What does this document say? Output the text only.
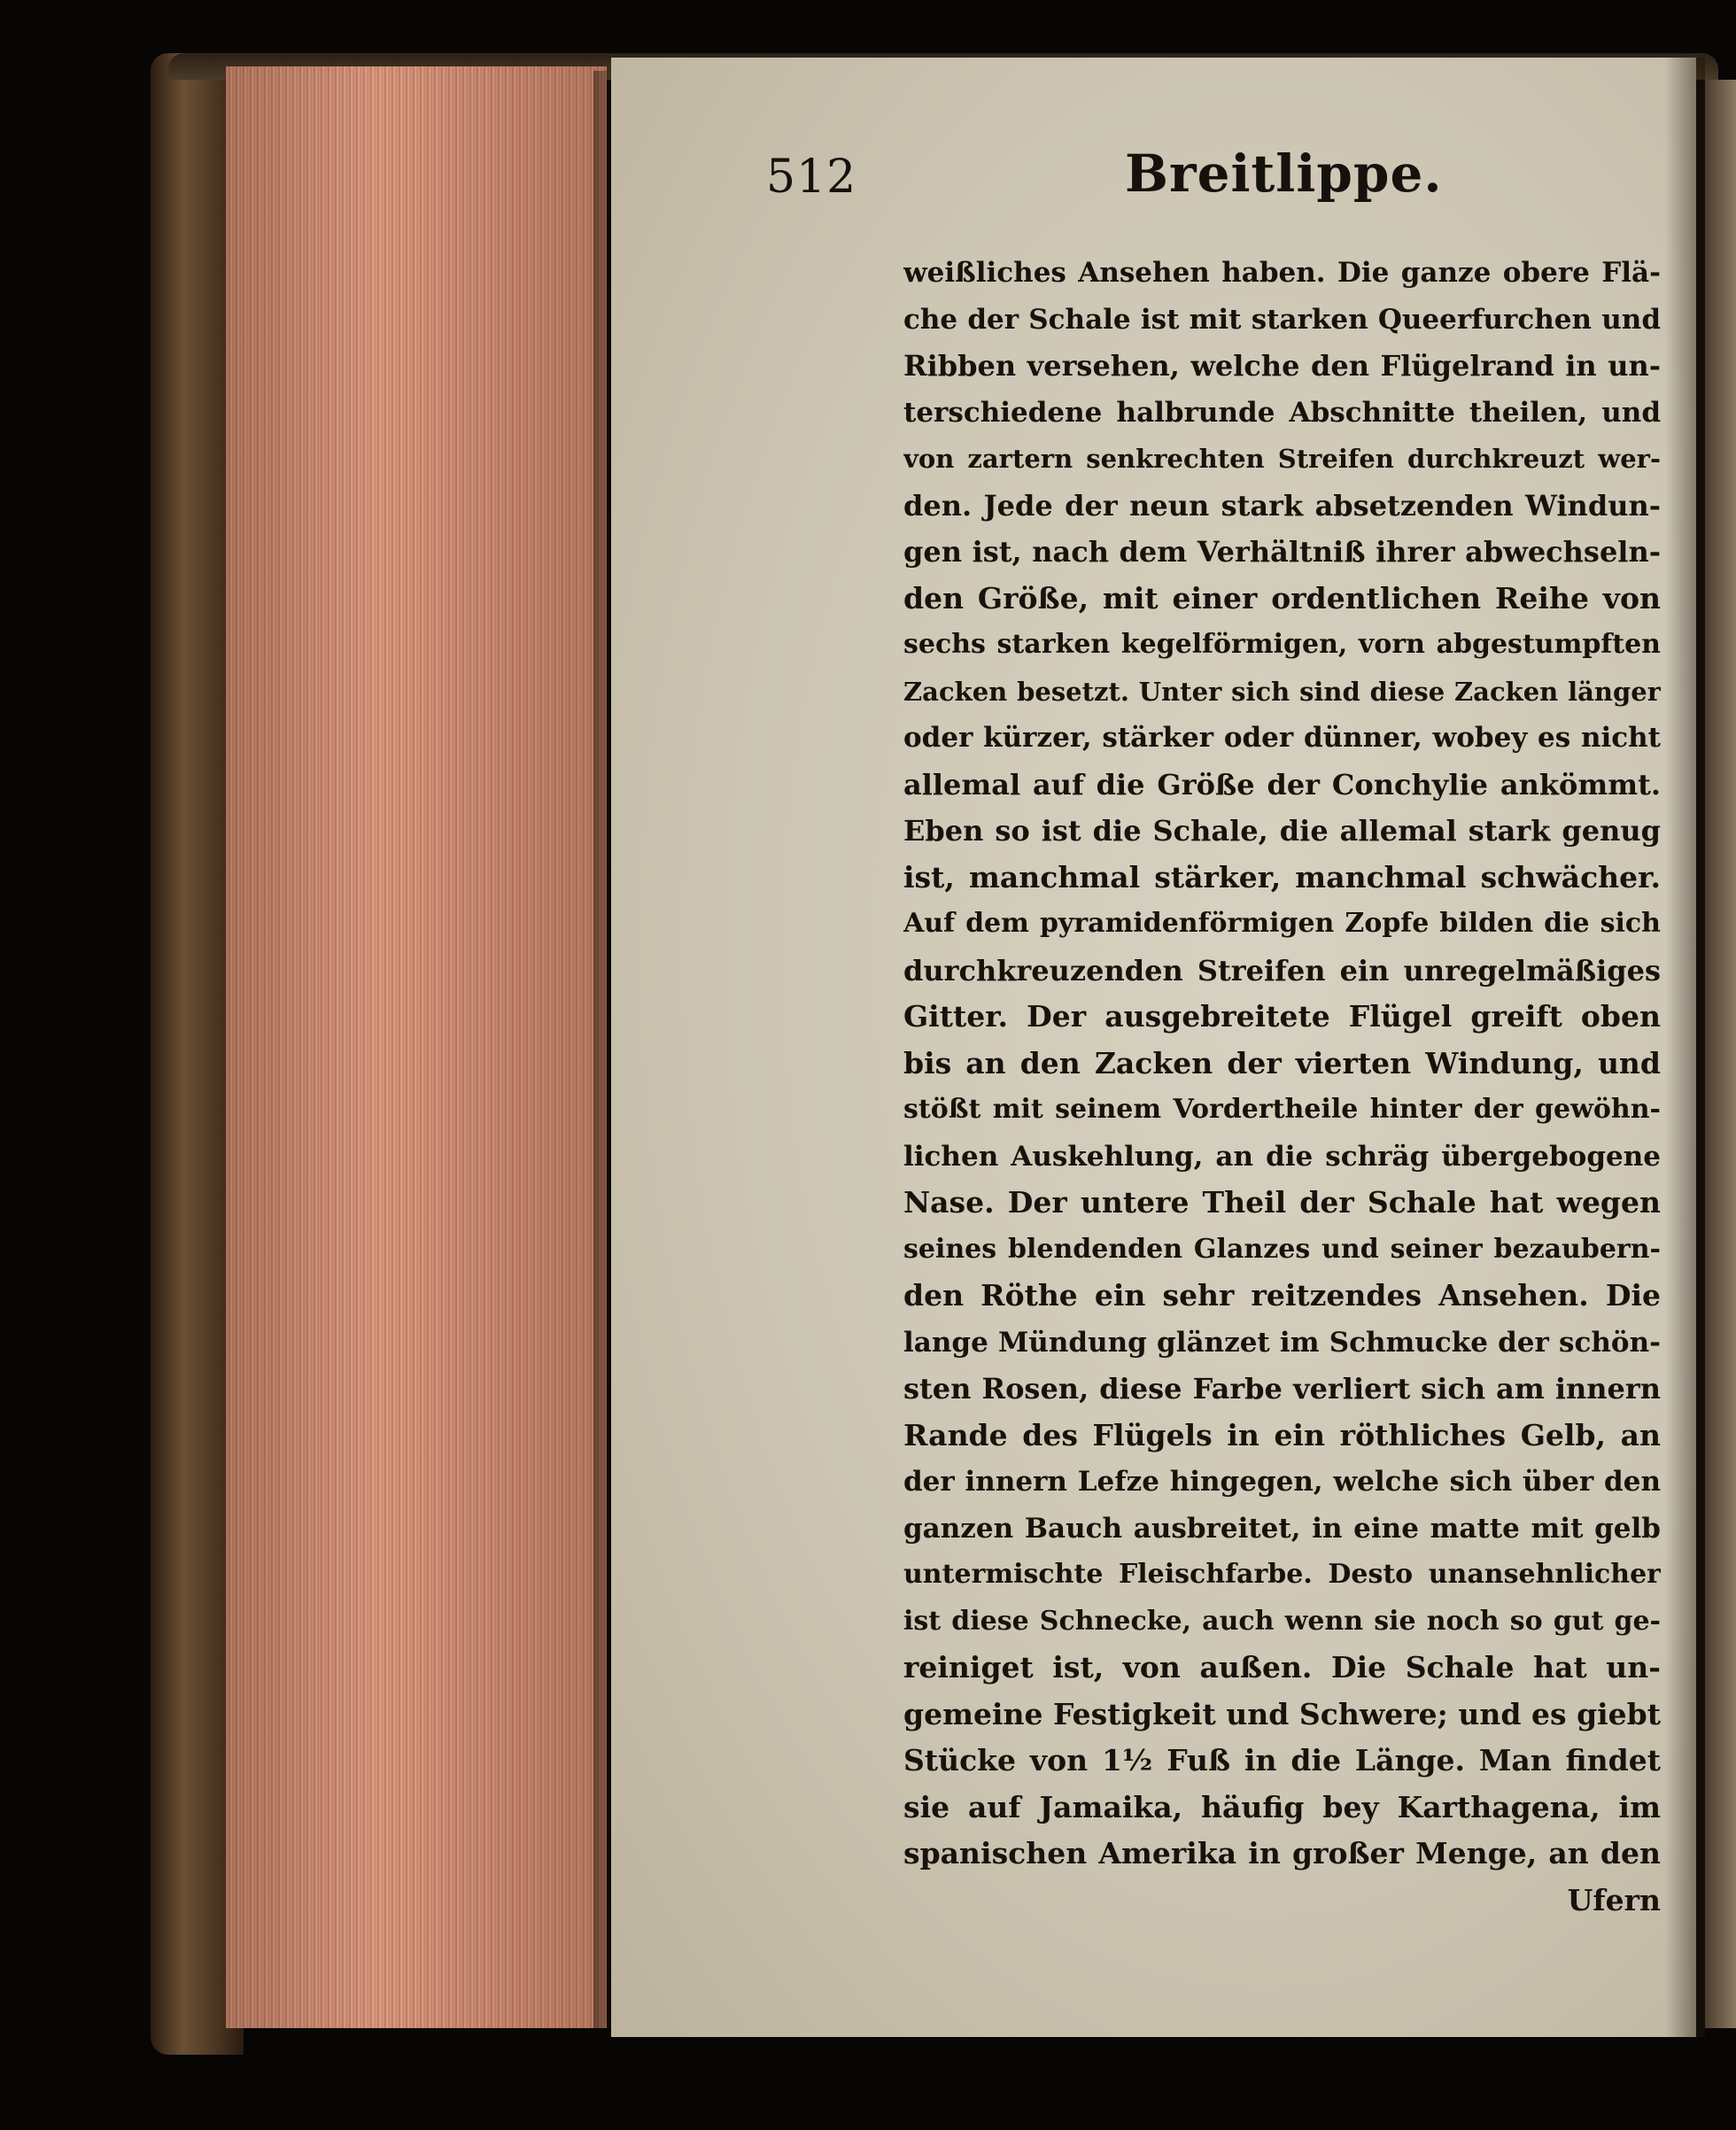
512	Breitlippe.
weißliches Ansehen haben. Die ganze obere Flä-
che der Schale ist mit starken Queerfurchen und
Ribben versehen, welche den Flügelrand in un-
terschiedene halbrunde Abschnitte theilen, und
von zartern senkrechten Streifen durchkreuzt wer-
den. Jede der neun stark absetzenden Windun-
gen ist, nach dem Verhältniß ihrer abwechseln-
den Größe, mit einer ordentlichen Reihe von
sechs starken kegelförmigen, vorn abgestumpften
Zacken besetzt. Unter sich sind diese Zacken länger
oder kürzer, stärker oder dünner, wobey es nicht
allemal auf die Größe der Conchylie ankömmt.
Eben so ist die Schale, die allemal stark genug
ist, manchmal stärker, manchmal schwächer.
Auf dem pyramidenförmigen Zopfe bilden die sich
durchkreuzenden Streifen ein unregelmäßiges
Gitter. Der ausgebreitete Flügel greift oben
bis an den Zacken der vierten Windung, und
stößt mit seinem Vordertheile hinter der gewöhn-
lichen Auskehlung, an die schräg übergebogene
Nase. Der untere Theil der Schale hat wegen
seines blendenden Glanzes und seiner bezaubern-
den Röthe ein sehr reitzendes Ansehen. Die
lange Mündung glänzet im Schmucke der schön-
sten Rosen, diese Farbe verliert sich am innern
Rande des Flügels in ein röthliches Gelb, an
der innern Lefze hingegen, welche sich über den
ganzen Bauch ausbreitet, in eine matte mit gelb
untermischte Fleischfarbe. Desto unansehnlicher
ist diese Schnecke, auch wenn sie noch so gut ge-
reiniget ist, von außen. Die Schale hat un-
gemeine Festigkeit und Schwere; und es giebt
Stücke von 1½ Fuß in die Länge. Man findet
sie auf Jamaika, häufig bey Karthagena, im
spanischen Amerika in großer Menge, an den
Ufern
